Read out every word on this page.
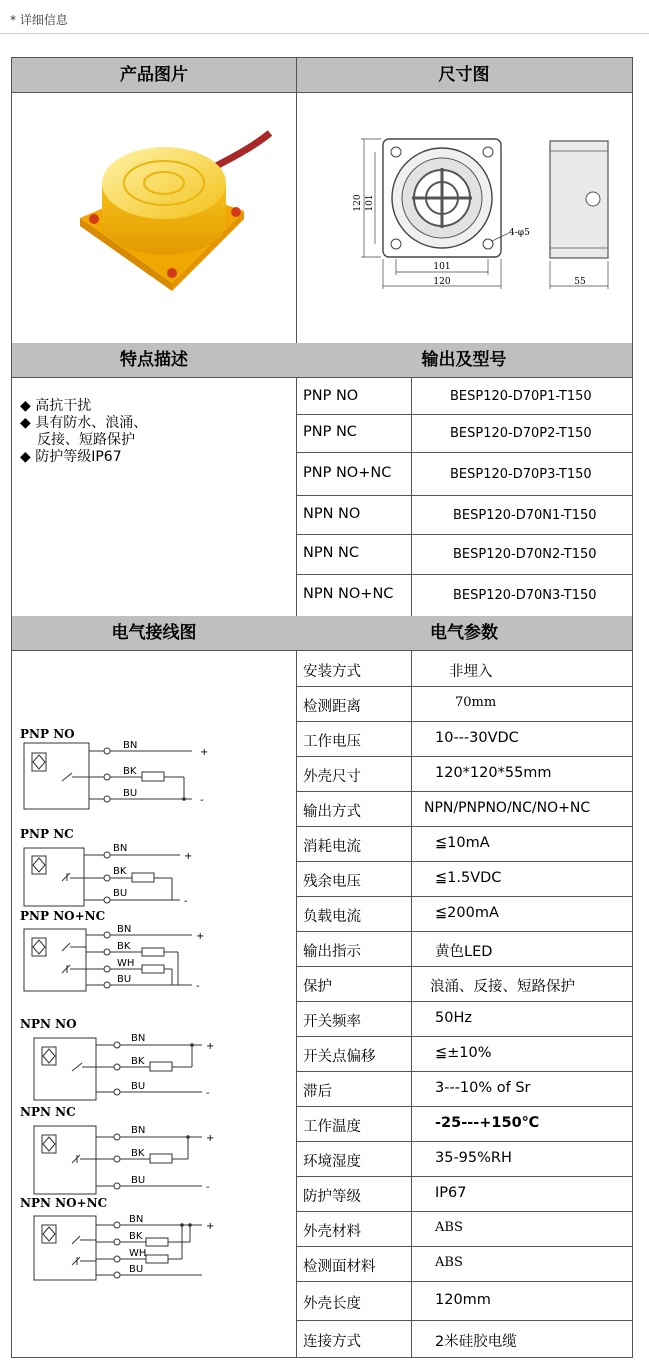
* 详细信息
产品图片	尺寸图
120 101
101
120
4-φ5
55
特点描述	输出及型号
◆ 高抗干扰
◆ 具有防水、浪涌、
反接、短路保护
◆ 防护等级IP67
PNP NO	BESP120-D70P1-T150
PNP NC	BESP120-D70P2-T150
PNP NO+NC	BESP120-D70P3-T150
NPN NO	BESP120-D70N1-T150
NPN NC	BESP120-D70N2-T150
NPN NO+NC	BESP120-D70N3-T150
电气接线图	电气参数
PNP NO
BN
BK
BU
+
-
PNP NC
BN
BK
BU
+
-
PNP NO+NC
BN
BK
WH
BU
+
-
NPN NO
BN
BK
BU
+
-
NPN NC
BN
BK
BU
+
-
NPN NO+NC
BN
BK
WH
BU
+
安装方式	非埋入
检测距离	70mm
工作电压	10---30VDC
外壳尺寸	120*120*55mm
输出方式	NPN/PNPNO/NC/NO+NC
消耗电流	≦10mA
残余电压	≦1.5VDC
负载电流	≦200mA
输出指示	黄色LED
保护	浪涌、反接、短路保护
开关频率	50Hz
开关点偏移	≦±10%
滞后	3---10% of Sr
工作温度	-25---+150℃
环境湿度	35-95%RH
防护等级	IP67
外壳材料	ABS
检测面材料	ABS
外壳长度	120mm
连接方式	2米硅胶电缆
